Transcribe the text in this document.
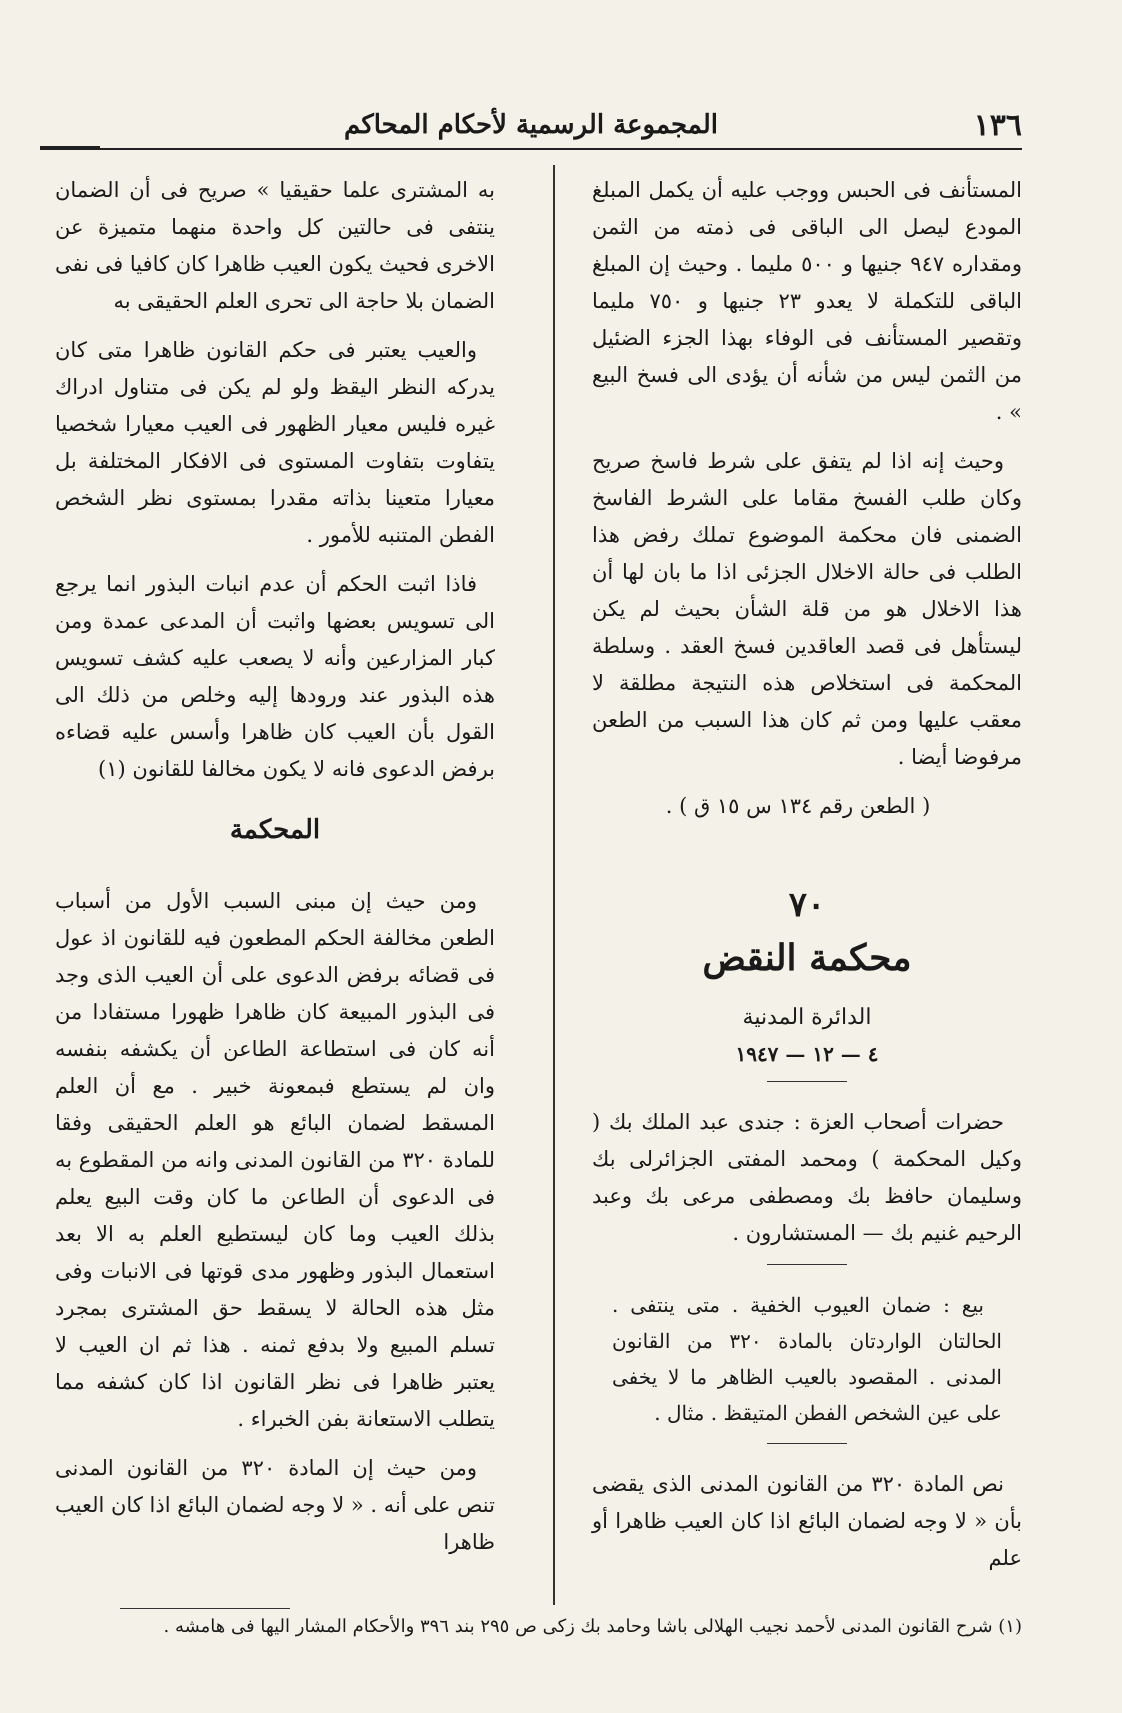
١٣٦
المجموعة الرسمية لأحكام المحاكم

المستأنف فى الحبس ووجب عليه أن يكمل المبلغ المودع ليصل الى الباقى فى ذمته من الثمن ومقداره ٩٤٧ جنيها و ٥٠٠ مليما . وحيث إن المبلغ الباقى للتكملة لا يعدو ٢٣ جنيها و ٧٥٠ مليما وتقصير المستأنف فى الوفاء بهذا الجزء الضئيل من الثمن ليس من شأنه أن يؤدى الى فسخ البيع » .

وحيث إنه اذا لم يتفق على شرط فاسخ صريح وكان طلب الفسخ مقاما على الشرط الفاسخ الضمنى فان محكمة الموضوع تملك رفض هذا الطلب فى حالة الاخلال الجزئى اذا ما بان لها أن هذا الاخلال هو من قلة الشأن بحيث لم يكن ليستأهل فى قصد العاقدين فسخ العقد . وسلطة المحكمة فى استخلاص هذه النتيجة مطلقة لا معقب عليها ومن ثم كان هذا السبب من الطعن مرفوضا أيضا .

( الطعن رقم ١٣٤ س ١٥ ق ) .

٧٠
محكمة النقض
الدائرة المدنية
٤ — ١٢ — ١٩٤٧

حضرات أصحاب العزة : جندى عبد الملك بك ( وكيل المحكمة ) ومحمد المفتى الجزائرلى بك وسليمان حافظ بك ومصطفى مرعى بك وعبد الرحيم غنيم بك — المستشارون .

بيع : ضمان العيوب الخفية . متى ينتفى . الحالتان الواردتان بالمادة ٣٢٠ من القانون المدنى . المقصود بالعيب الظاهر ما لا يخفى على عين الشخص الفطن المتيقظ . مثال .

نص المادة ٣٢٠ من القانون المدنى الذى يقضى بأن « لا وجه لضمان البائع اذا كان العيب ظاهرا أو علم

به المشترى علما حقيقيا » صريح فى أن الضمان ينتفى فى حالتين كل واحدة منهما متميزة عن الاخرى فحيث يكون العيب ظاهرا كان كافيا فى نفى الضمان بلا حاجة الى تحرى العلم الحقيقى به

والعيب يعتبر فى حكم القانون ظاهرا متى كان يدركه النظر اليقظ ولو لم يكن فى متناول ادراك غيره فليس معيار الظهور فى العيب معيارا شخصيا يتفاوت بتفاوت المستوى فى الافكار المختلفة بل معيارا متعينا بذاته مقدرا بمستوى نظر الشخص الفطن المتنبه للأمور .

فاذا اثبت الحكم أن عدم انبات البذور انما يرجع الى تسويس بعضها واثبت أن المدعى عمدة ومن كبار المزارعين وأنه لا يصعب عليه كشف تسويس هذه البذور عند ورودها إليه وخلص من ذلك الى القول بأن العيب كان ظاهرا وأسس عليه قضاءه برفض الدعوى فانه لا يكون مخالفا للقانون (١)

المحكمة

ومن حيث إن مبنى السبب الأول من أسباب الطعن مخالفة الحكم المطعون فيه للقانون اذ عول فى قضائه برفض الدعوى على أن العيب الذى وجد فى البذور المبيعة كان ظاهرا ظهورا مستفادا من أنه كان فى استطاعة الطاعن أن يكشفه بنفسه وان لم يستطع فبمعونة خبير . مع أن العلم المسقط لضمان البائع هو العلم الحقيقى وفقا للمادة ٣٢٠ من القانون المدنى وانه من المقطوع به فى الدعوى أن الطاعن ما كان وقت البيع يعلم بذلك العيب وما كان ليستطيع العلم به الا بعد استعمال البذور وظهور مدى قوتها فى الانبات وفى مثل هذه الحالة لا يسقط حق المشترى بمجرد تسلم المبيع ولا بدفع ثمنه . هذا ثم ان العيب لا يعتبر ظاهرا فى نظر القانون اذا كان كشفه مما يتطلب الاستعانة بفن الخبراء .

ومن حيث إن المادة ٣٢٠ من القانون المدنى تنص على أنه . « لا وجه لضمان البائع اذا كان العيب ظاهرا

(١) شرح القانون المدنى لأحمد نجيب الهلالى باشا وحامد بك زكى ص ٢٩٥ بند ٣٩٦ والأحكام المشار اليها فى هامشه .
